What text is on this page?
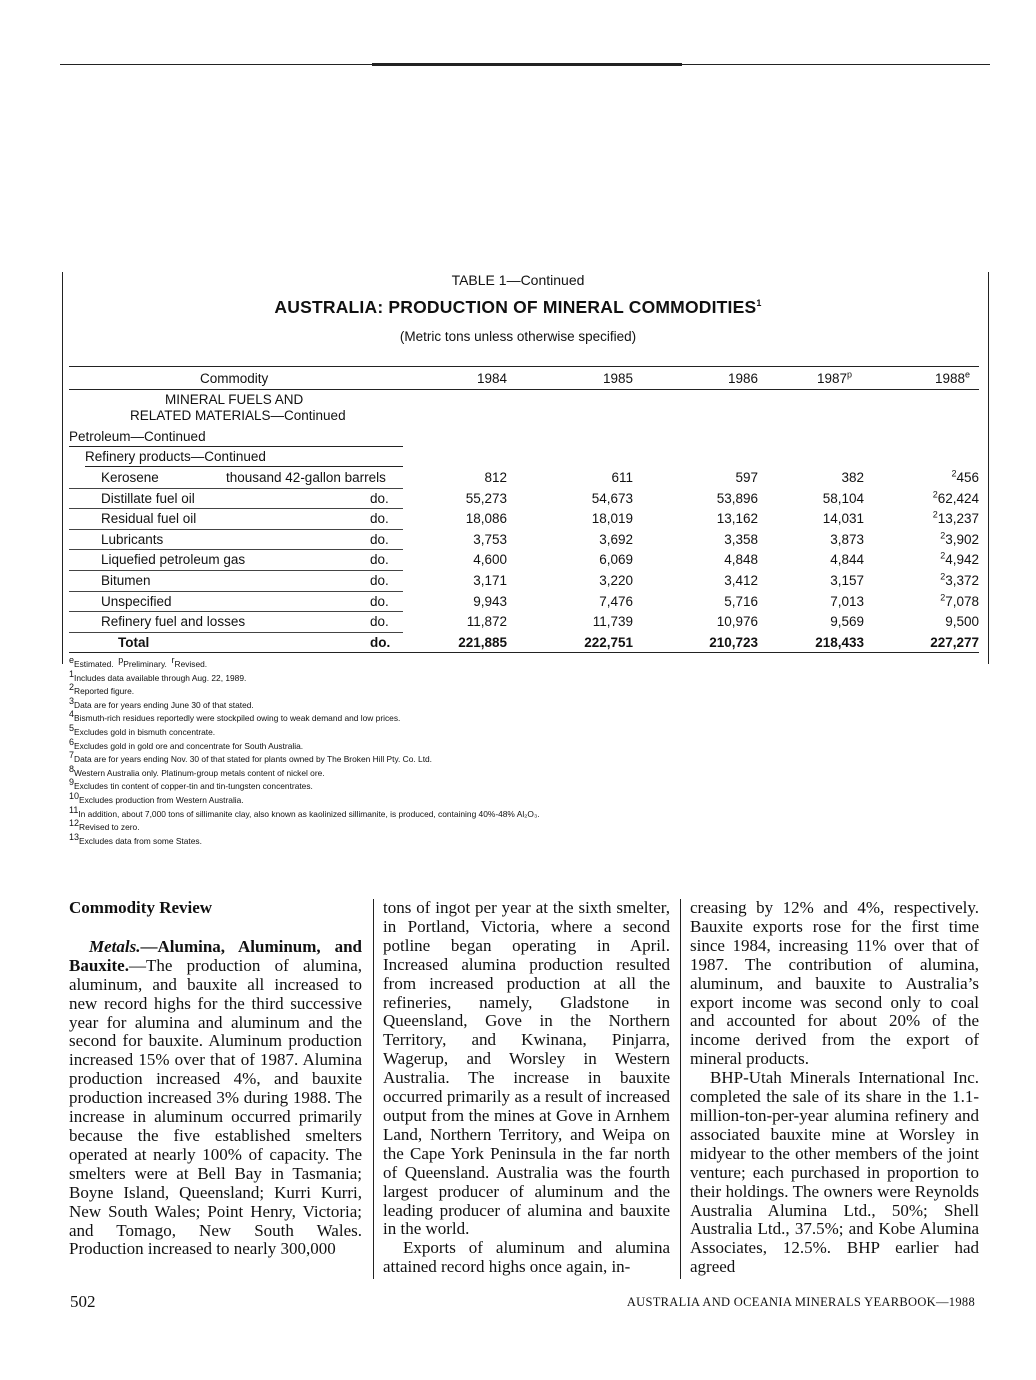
TABLE 1—Continued
AUSTRALIA: PRODUCTION OF MINERAL COMMODITIES$^1$
(Metric tons unless otherwise specified)
Commodity	1984	1985	1986	1987$^p$	1988e
MINERAL FUELS AND
RELATED MATERIALS—Continued
Petroleum—Continued
Refinery products—Continued
Kerosene	thousand 42-gallon barrels	812	611	597	382	$^2$456
Distillate fuel oil	do.	55,273	54,673	53,896	58,104	$^2$62,424
Residual fuel oil	do.	18,086	18,019	13,162	14,031	$^2$13,237
Lubricants	do.	3,753	3,692	3,358	3,873	$^2$3,902
Liquefied petroleum gas	do.	4,600	6,069	4,848	4,844	$^2$4,942
Bitumen	do.	3,171	3,220	3,412	3,157	$^2$3,372
Unspecified	do.	9,943	7,476	5,716	7,013	$^2$7,078
Refinery fuel and losses	do.	11,872	11,739	10,976	9,569	9,500
Total	do.	221,885	222,751	210,723	218,433	227,277
$^e$Estimated. $^p$Preliminary. $^r$Revised.
$^1$Includes data available through Aug. 22, 1989.
$^2$Reported figure.
$^3$Data are for years ending June 30 of that stated.
$^4$Bismuth-rich residues reportedly were stockpiled owing to weak demand and low prices.
$^5$Excludes gold in bismuth concentrate.
$^6$Excludes gold in gold ore and concentrate for South Australia.
$^7$Data are for years ending Nov. 30 of that stated for plants owned by The Broken Hill Pty. Co. Ltd.
$^8$Western Australia only. Platinum-group metals content of nickel ore.
$^9$Excludes tin content of copper-tin and tin-tungsten concentrates.
$^{10}$Excludes production from Western Australia.
$^{11}$In addition, about 7,000 tons of sillimanite clay, also known as kaolinized sillimanite, is produced, containing 40%-48% Al₂O₃.
$^{12}$Revised to zero.
$^{13}$Excludes data from some States.

Commodity Review

Metals.—Alumina, Aluminum, and Bauxite.—The production of alumina, aluminum, and bauxite all increased to new record highs for the third successive year for alumina and aluminum and the second for bauxite. Aluminum production increased 15% over that of 1987. Alumina production increased 4%, and bauxite production increased 3% during 1988. The increase in aluminum occurred primarily because the five established smelters operated at nearly 100% of capacity. The smelters were at Bell Bay in Tasmania; Boyne Island, Queensland; Kurri Kurri, New South Wales; Point Henry, Victoria; and Tomago, New South Wales. Production increased to nearly 300,000

tons of ingot per year at the sixth smelter, in Portland, Victoria, where a second potline began operating in April. Increased alumina production resulted from increased production at all the refineries, namely, Gladstone in Queensland, Gove in the Northern Territory, and Kwinana, Pinjarra, Wagerup, and Worsley in Western Australia. The increase in bauxite occurred primarily as a result of increased output from the mines at Gove in Arnhem Land, Northern Territory, and Weipa on the Cape York Peninsula in the far north of Queensland. Australia was the fourth largest producer of aluminum and the leading producer of alumina and bauxite in the world.

Exports of aluminum and alumina attained record highs once again, in-

creasing by 12% and 4%, respectively. Bauxite exports rose for the first time since 1984, increasing 11% over that of 1987. The contribution of alumina, aluminum, and bauxite to Australia’s export income was second only to coal and accounted for about 20% of the income derived from the export of mineral products.

BHP-Utah Minerals International Inc. completed the sale of its share in the 1.1-million-ton-per-year alumina refinery and associated bauxite mine at Worsley in midyear to the other members of the joint venture; each purchased in proportion to their holdings. The owners were Reynolds Australia Alumina Ltd., 50%; Shell Australia Ltd., 37.5%; and Kobe Alumina Associates, 12.5%. BHP earlier had agreed

502	AUSTRALIA AND OCEANIA MINERALS YEARBOOK—1988
